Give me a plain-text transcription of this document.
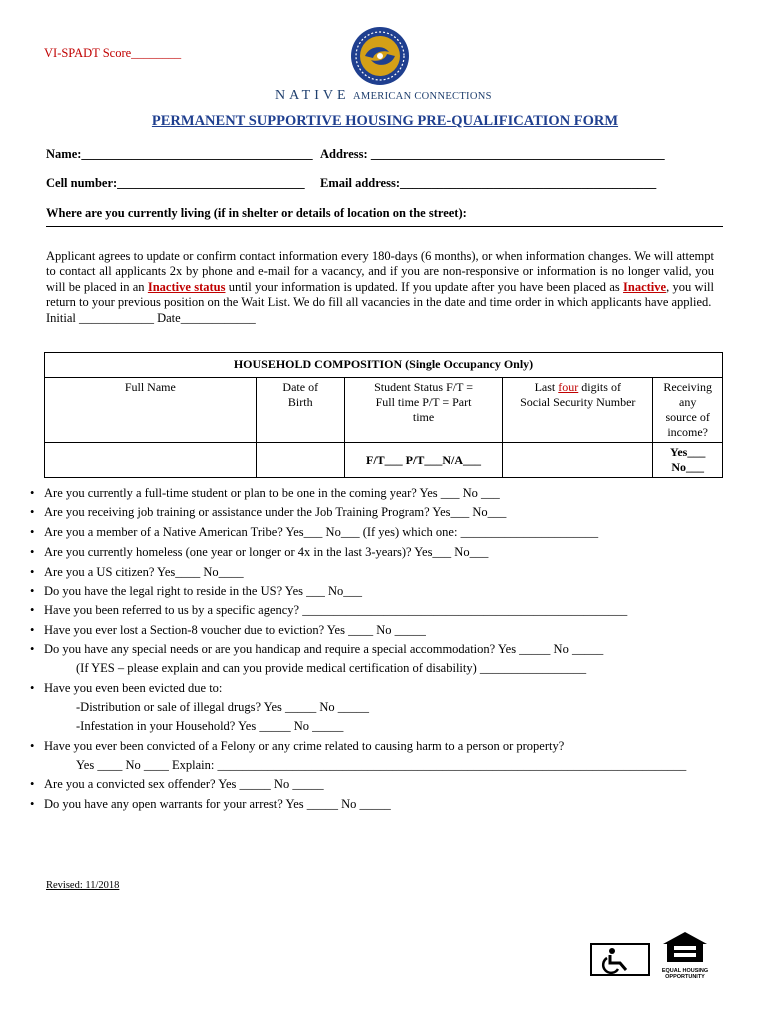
VI-SPADT Score________
NATIVE AMERICAN CONNECTIONS
PERMANENT SUPPORTIVE HOUSING PRE-QUALIFICATION FORM
Name:_____________________________________ Address: _______________________________________________
Cell number:______________________________ Email address:_________________________________________
Where are you currently living (if in shelter or details of location on the street):
Applicant agrees to update or confirm contact information every 180-days (6 months), or when information changes. We will attempt to contact all applicants 2x by phone and e-mail for a vacancy, and if you are non-responsive or information is no longer valid, you will be placed in an Inactive status until your information is updated. If you update after you have been placed as Inactive, you will return to your previous position on the Wait List. We do fill all vacancies in the date and time order in which applicants have applied.
Initial ____________ Date____________
HOUSEHOLD COMPOSITION (Single Occupancy Only)				
Full Name	Date of Birth	Student Status F/T = Full time P/T = Part time	Last four digits of Social Security Number	Receiving any source of income?
		F/T___ P/T___N/A___		Yes___ No___
• Are you currently a full-time student or plan to be one in the coming year? Yes ___ No ___
• Are you receiving job training or assistance under the Job Training Program? Yes___ No___
• Are you a member of a Native American Tribe? Yes___ No___ (If yes) which one: ______________________
• Are you currently homeless (one year or longer or 4x in the last 3-years)? Yes___ No___
• Are you a US citizen? Yes____ No____
• Do you have the legal right to reside in the US? Yes ___ No___
• Have you been referred to us by a specific agency? ____________________________________________________
• Have you ever lost a Section-8 voucher due to eviction? Yes ____ No _____
• Do you have any special needs or are you handicap and require a special accommodation? Yes _____ No _____
(If YES – please explain and can you provide medical certification of disability) _________________
• Have you even been evicted due to:
-Distribution or sale of illegal drugs? Yes _____ No _____
-Infestation in your Household? Yes _____ No _____
• Have you ever been convicted of a Felony or any crime related to causing harm to a person or property?
Yes ____ No ____ Explain: ___________________________________________________________________________
• Are you a convicted sex offender? Yes _____ No _____
• Do you have any open warrants for your arrest? Yes _____ No _____
Revised: 11/2018
EQUAL HOUSING OPPORTUNITY
